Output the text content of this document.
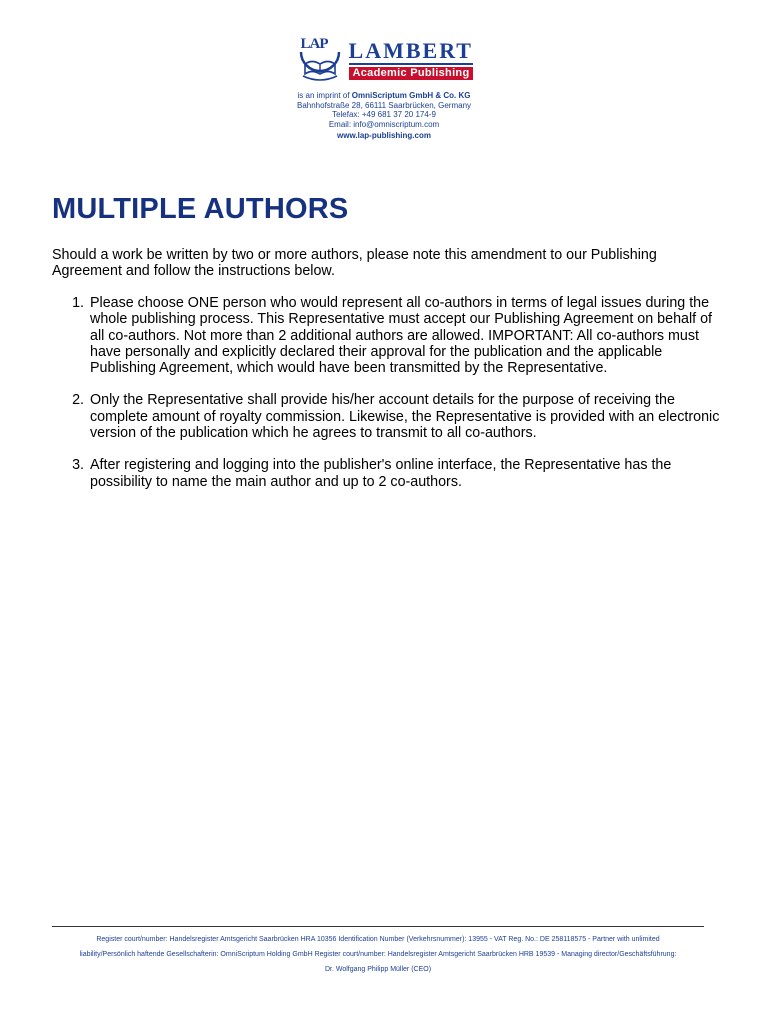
LAP LAMBERT
Academic Publishing
is an imprint of OmniScriptum GmbH & Co. KG
Bahnhofstraße 28, 66111 Saarbrücken, Germany
Telefax: +49 681 37 20 174-9
Email: info@omniscriptum.com
www.lap-publishing.com
MULTIPLE AUTHORS

Should a work be written by two or more authors, please note this amendment to our Publishing Agreement and follow the instructions below.

1. Please choose ONE person who would represent all co-authors in terms of legal issues during the whole publishing process. This Representative must accept our Publishing Agreement on behalf of all co-authors. Not more than 2 additional authors are allowed. IMPORTANT: All co-authors must have personally and explicitly declared their approval for the publication and the applicable Publishing Agreement, which would have been transmitted by the Representative.
2. Only the Representative shall provide his/her account details for the purpose of receiving the complete amount of royalty commission. Likewise, the Representative is provided with an electronic version of the publication which he agrees to transmit to all co-authors.
3. After registering and logging into the publisher's online interface, the Representative has the possibility to name the main author and up to 2 co-authors.
Register court/number: Handelsregister Amtsgericht Saarbrücken HRA 10356 Identification Number (Verkehrsnummer): 13955 - VAT Reg. No.: DE 258118575 - Partner with unlimited
liability/Persönlich haftende Gesellschafterin: OmniScriptum Holding GmbH Register court/number: Handelsregister Amtsgericht Saarbrücken HRB 19539 - Managing director/Geschäftsführung:
Dr. Wolfgang Philipp Müller (CEO)
